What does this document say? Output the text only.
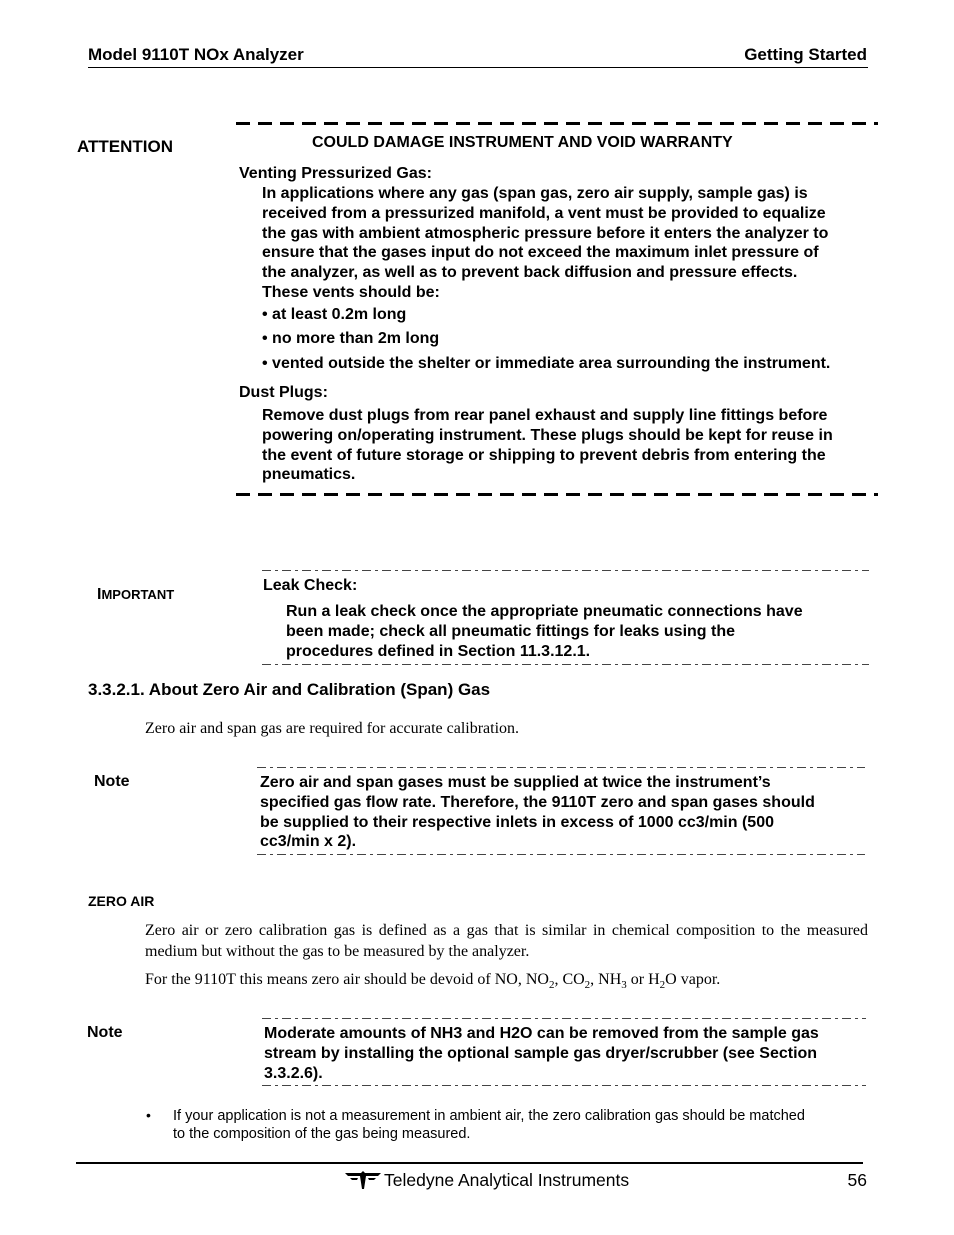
Model 9110T NOx Analyzer	Getting Started
ATTENTION	COULD DAMAGE INSTRUMENT AND VOID WARRANTY
Venting Pressurized Gas:
In applications where any gas (span gas, zero air supply, sample gas) is
received from a pressurized manifold, a vent must be provided to equalize
the gas with ambient atmospheric pressure before it enters the analyzer to
ensure that the gases input do not exceed the maximum inlet pressure of
the analyzer, as well as to prevent back diffusion and pressure effects.
These vents should be:
• at least 0.2m long
• no more than 2m long
• vented outside the shelter or immediate area surrounding the instrument.
Dust Plugs:
Remove dust plugs from rear panel exhaust and supply line fittings before
powering on/operating instrument. These plugs should be kept for reuse in
the event of future storage or shipping to prevent debris from entering the
pneumatics.
IMPORTANT
Leak Check:
Run a leak check once the appropriate pneumatic connections have
been made; check all pneumatic fittings for leaks using the
procedures defined in Section 11.3.12.1.
3.3.2.1. About Zero Air and Calibration (Span) Gas
Zero air and span gas are required for accurate calibration.
Note	Zero air and span gases must be supplied at twice the instrument’s
specified gas flow rate. Therefore, the 9110T zero and span gases should
be supplied to their respective inlets in excess of 1000 cc3/min (500
cc3/min x 2).
ZERO AIR
Zero air or zero calibration gas is defined as a gas that is similar in chemical composition to the measured medium but without the gas to be measured by the analyzer.
For the 9110T this means zero air should be devoid of NO, $NO_2$, $CO_2$, $NH_3$ or $H_2O$ vapor.
Note	Moderate amounts of NH3 and H2O can be removed from the sample gas
stream by installing the optional sample gas dryer/scrubber (see Section
3.3.2.6).
• If your application is not a measurement in ambient air, the zero calibration gas should be matched
to the composition of the gas being measured.
Teledyne Analytical Instruments	56
